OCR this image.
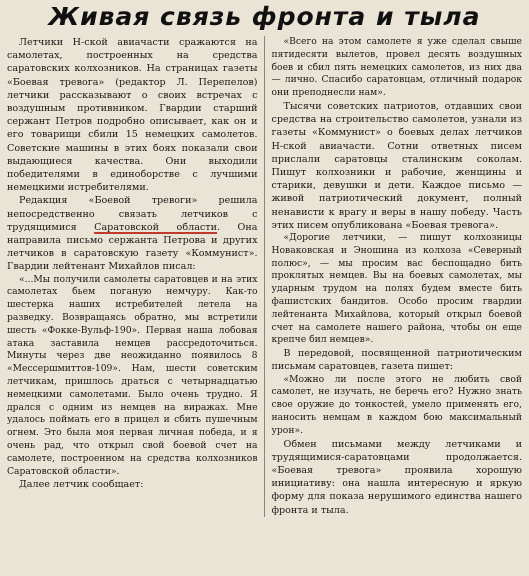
Живая связь фронта и тыла

Летчики Н-ской авиачасти сражаются на самолетах, построенных на средства саратовских колхозников. На страницах газеты «Боевая тревога» (редактор Л. Перепелов) летчики рассказывают о своих встречах с воздушным противником. Гвардии старший сержант Петров подробно описывает, как он и его товарищи сбили 15 немецких самолетов. Советские машины в этих боях показали свои выдающиеся качества. Они выходили победителями в единоборстве с лучшими немецкими истребителями.

Редакция «Боевой тревоги» решила непосредственно связать летчиков с трудящимися Саратовской области. Она направила письмо сержанта Петрова и других летчиков в саратовскую газету «Коммунист». Гвардии лейтенант Михайлов писал:

«...Мы получили самолеты саратовцев и на этих самолетах бьем поганую немчуру. Как-то шестерка наших истребителей летела на разведку. Возвращаясь обратно, мы встретили шесть «Фокке-Вульф-190». Первая наша лобовая атака заставила немцев рассредоточиться. Минуты через две неожиданно появилось 8 «Мессершмиттов-109». Нам, шести советским летчикам, пришлось драться с четырнадцатью немецкими самолетами. Было очень трудно. Я дрался с одним из немцев на виражах. Мне удалось поймать его в прицел и сбить пушечным огнем. Это была моя первая личная победа, и я очень рад, что открыл свой боевой счет на самолете, построенном на средства колхозников Саратовской области».

Далее летчик сообщает:

«Всего на этом самолете я уже сделал свыше пятидесяти вылетов, провел десять воздушных боев и сбил пять немецких самолетов, из них два — лично. Спасибо саратовцам, отличный подарок они преподнесли нам».

Тысячи советских патриотов, отдавших свои средства на строительство самолетов, узнали из газеты «Коммунист» о боевых делах летчиков Н-ской авиачасти. Сотни ответных писем прислали саратовцы сталинским соколам. Пишут колхозники и рабочие, женщины и старики, девушки и дети. Каждое письмо — живой патриотический документ, полный ненависти к врагу и веры в нашу победу. Часть этих писем опубликована «Боевая тревога».

«Дорогие летчики, — пишут колхозницы Новаковская и Эношина из колхоза «Северный полюс», — мы просим вас беспощадно бить проклятых немцев. Вы на боевых самолетах, мы ударным трудом на полях будем вместе бить фашистских бандитов. Особо просим гвардии лейтенанта Михайлова, который открыл боевой счет на самолете нашего района, чтобы он еще крепче бил немцев».

В передовой, посвященной патриотическим письмам саратовцев, газета пишет:

«Можно ли после этого не любить свой самолет, не изучать, не беречь его? Нужно знать свое оружие до тонкостей, умело применять его, наносить немцам в каждом бою максимальный урон».

Обмен письмами между летчиками и трудящимися-саратовцами продолжается. «Боевая тревога» проявила хорошую инициативу: она нашла интересную и яркую форму для показа нерушимого единства нашего фронта и тыла.
